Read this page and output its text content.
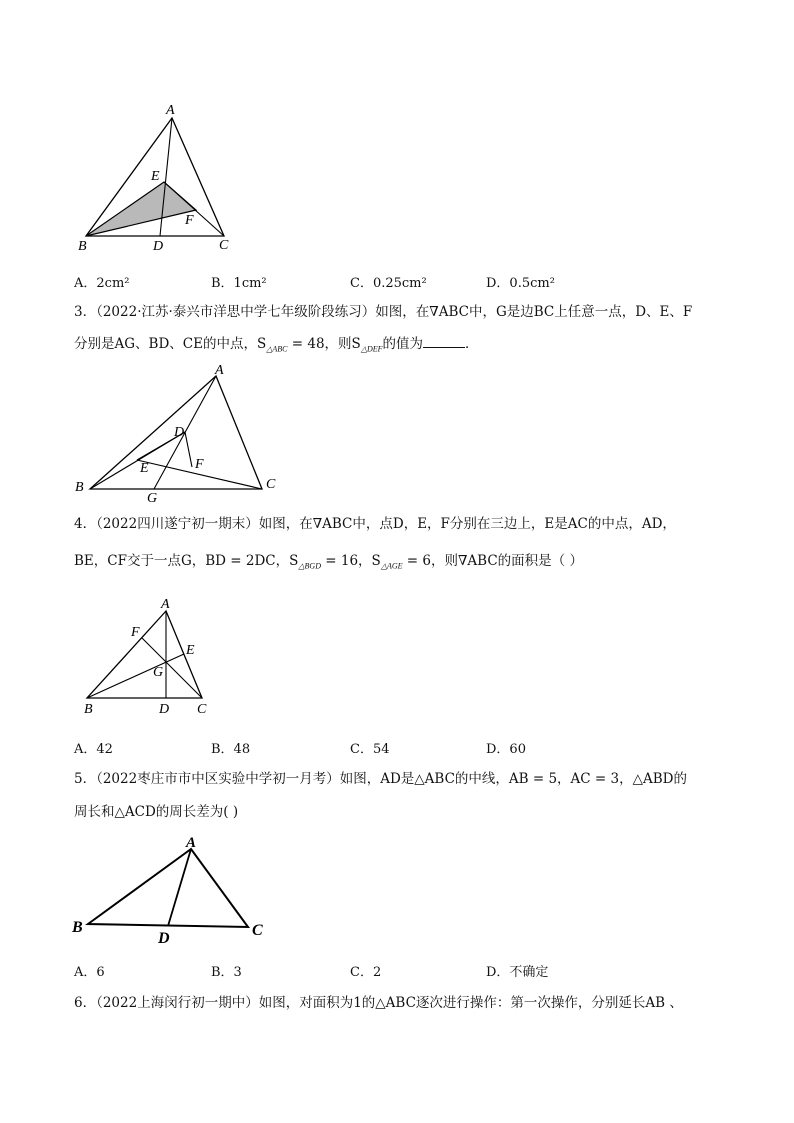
A
E
F
B	D	C
A．2cm²	B．1cm²	C．0.25cm²	D．0.5cm²
3．（2022·江苏·泰兴市洋思中学七年级阶段练习）如图，在∇ABC中，G是边BC上任意一点，D、E、F
分别是AG、BD、CE的中点，$S_{\triangle ABC} = 48$，则$S_{\triangle DEF}$的值为	．
A
D
E	F
B
G
C
4．（2022四川遂宁初一期末）如图，在∇ABC中，点D，E，F分别在三边上，E是AC的中点，AD，
BE，CF交于一点G，BD = 2DC，$S_{\triangle BGD} = 16$，$S_{\triangle AGE} = 6$，则∇ABC的面积是（ ）
A
F
E
G
B	D C
A．42	B．48	C．54	D．60
5．（2022枣庄市市中区实验中学初一月考）如图，AD是△ABC的中线，AB = 5，AC = 3，△ABD的
周长和△ACD的周长差为( )
A
B
D	C
A．6	B．3	C．2	D．不确定
6．（2022上海闵行初一期中）如图，对面积为1的△ABC逐次进行操作：第一次操作，分别延长AB 、
